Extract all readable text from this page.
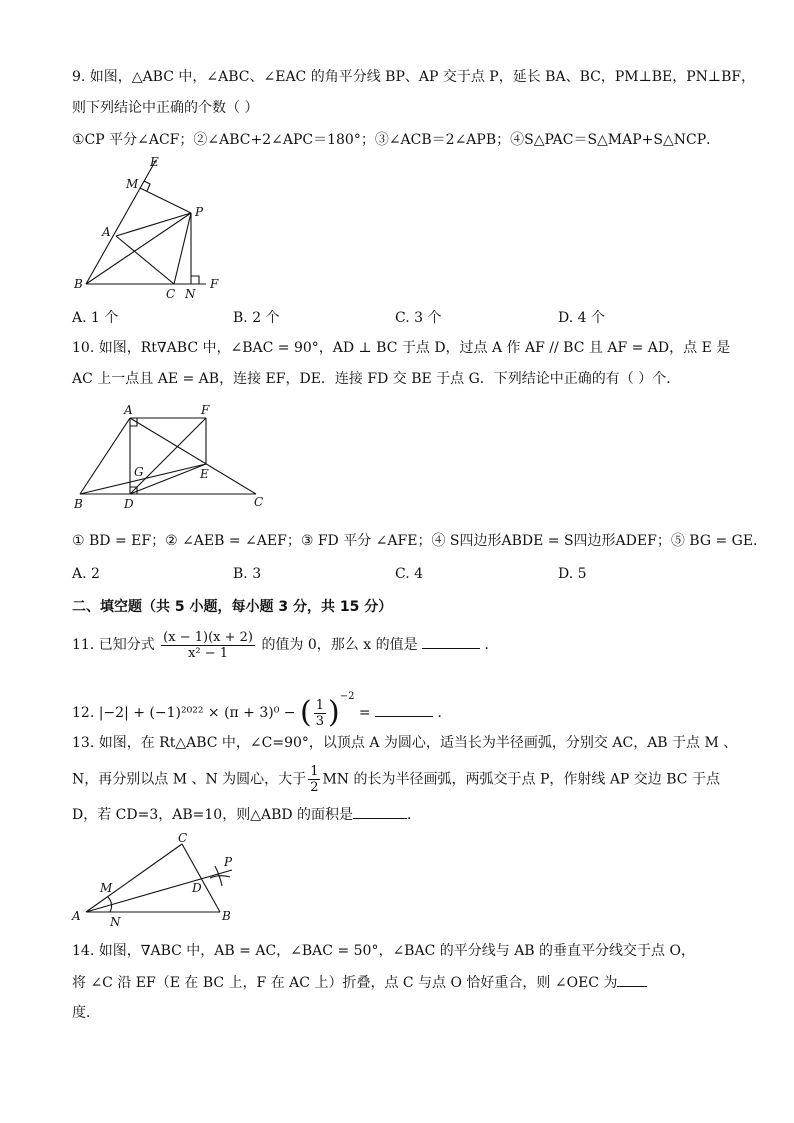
9. 如图，△ABC 中，∠ABC、∠EAC 的角平分线 BP、AP 交于点 P，延长 BA、BC，PM⊥BE，PN⊥BF，
则下列结论中正确的个数（ ）
①CP 平分∠ACF；②∠ABC+2∠APC＝180°；③∠ACB＝2∠APB；④S△PAC＝S△MAP+S△NCP．
E
M
P
A
B
C N
F
A. 1 个	B. 2 个	C. 3 个	D. 4 个
10. 如图，Rt∇ABC 中，∠BAC = 90°，AD ⊥ BC 于点 D，过点 A 作 AF // BC 且 AF = AD，点 E 是
AC 上一点且 AE = AB，连接 EF，DE．连接 FD 交 BE 于点 G．下列结论中正确的有（ ）个．
A	F
G	E
B	D	C
① BD = EF；② ∠AEB = ∠AEF；③ FD 平分 ∠AFE；④ S四边形ABDE = S四边形ADEF；⑤ BG = GE．
A. 2	B. 3	C. 4	D. 5
二、填空题（共 5 小题，每小题 3 分，共 15 分）
11. 已知分式 $\frac{(x - 1)(x + 2)}{\text{x² − 1}}$ 的值为 0，那么 x 的值是	．
12. |−2| + (−1)²⁰²² × (π + 3)⁰ − ( $\frac{1}{3} )^{-2}$ =	．
13. 如图，在 Rt△ABC 中，∠C=90°，以顶点 A 为圆心，适当长为半径画弧，分别交 AC，AB 于点 M 、
N，再分别以点 M 、N 为圆心，大于 $\frac{1}{2}$ MN 的长为半径画弧，两弧交于点 P，作射线 AP 交边 BC 于点
D，若 CD=3，AB=10，则△ABD 的面积是	．
C
P
M	D
A N	B
14. 如图，∇ABC 中，AB = AC，∠BAC = 50°，∠BAC 的平分线与 AB 的垂直平分线交于点 O，
将 ∠C 沿 EF（E 在 BC 上，F 在 AC 上）折叠，点 C 与点 O 恰好重合，则 ∠OEC 为
度．
